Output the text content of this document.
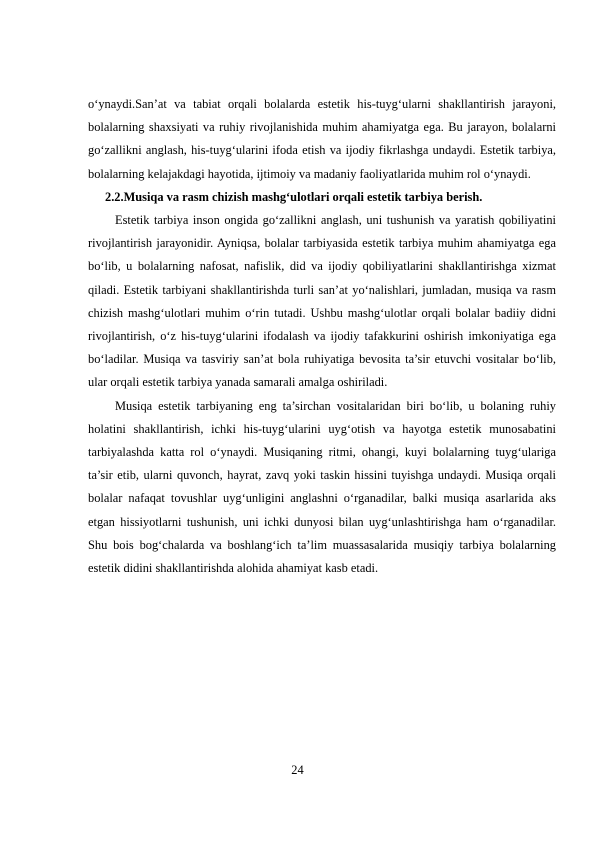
o‘ynaydi.San’at va tabiat orqali bolalarda estetik his-tuyg‘ularni shakllantirish jarayoni, bolalarning shaxsiyati va ruhiy rivojlanishida muhim ahamiyatga ega. Bu jarayon, bolalarni go‘zallikni anglash, his-tuyg‘ularini ifoda etish va ijodiy fikrlashga undaydi. Estetik tarbiya, bolalarning kelajakdagi hayotida, ijtimoiy va madaniy faoliyatlarida muhim rol o‘ynaydi.

2.2.Musiqa va rasm chizish mashg‘ulotlari orqali estetik tarbiya berish.

Estetik tarbiya inson ongida go‘zallikni anglash, uni tushunish va yaratish qobiliyatini rivojlantirish jarayonidir. Ayniqsa, bolalar tarbiyasida estetik tarbiya muhim ahamiyatga ega bo‘lib, u bolalarning nafosat, nafislik, did va ijodiy qobiliyatlarini shakllantirishga xizmat qiladi. Estetik tarbiyani shakllantirishda turli san’at yo‘nalishlari, jumladan, musiqa va rasm chizish mashg‘ulotlari muhim o‘rin tutadi. Ushbu mashg‘ulotlar orqali bolalar badiiy didni rivojlantirish, o‘z his-tuyg‘ularini ifodalash va ijodiy tafakkurini oshirish imkoniyatiga ega bo‘ladilar. Musiqa va tasviriy san’at bola ruhiyatiga bevosita ta’sir etuvchi vositalar bo‘lib, ular orqali estetik tarbiya yanada samarali amalga oshiriladi.

Musiqa estetik tarbiyaning eng ta’sirchan vositalaridan biri bo‘lib, u bolaning ruhiy holatini shakllantirish, ichki his-tuyg‘ularini uyg‘otish va hayotga estetik munosabatini tarbiyalashda katta rol o‘ynaydi. Musiqaning ritmi, ohangi, kuyi bolalarning tuyg‘ularigа ta’sir etib, ularni quvonch, hayrat, zavq yoki taskin hissini tuyishga undaydi. Musiqa orqali bolalar nafaqat tovushlar uyg‘unligini anglashni o‘rganadilar, balki musiqa asarlarida aks etgan hissiyotlarni tushunish, uni ichki dunyosi bilan uyg‘unlashtirishga ham o‘rganadilar. Shu bois bog‘chalarda va boshlang‘ich ta’lim muassasalarida musiqiy tarbiya bolalarning estetik didini shakllantirishda alohida ahamiyat kasb etadi.

24
